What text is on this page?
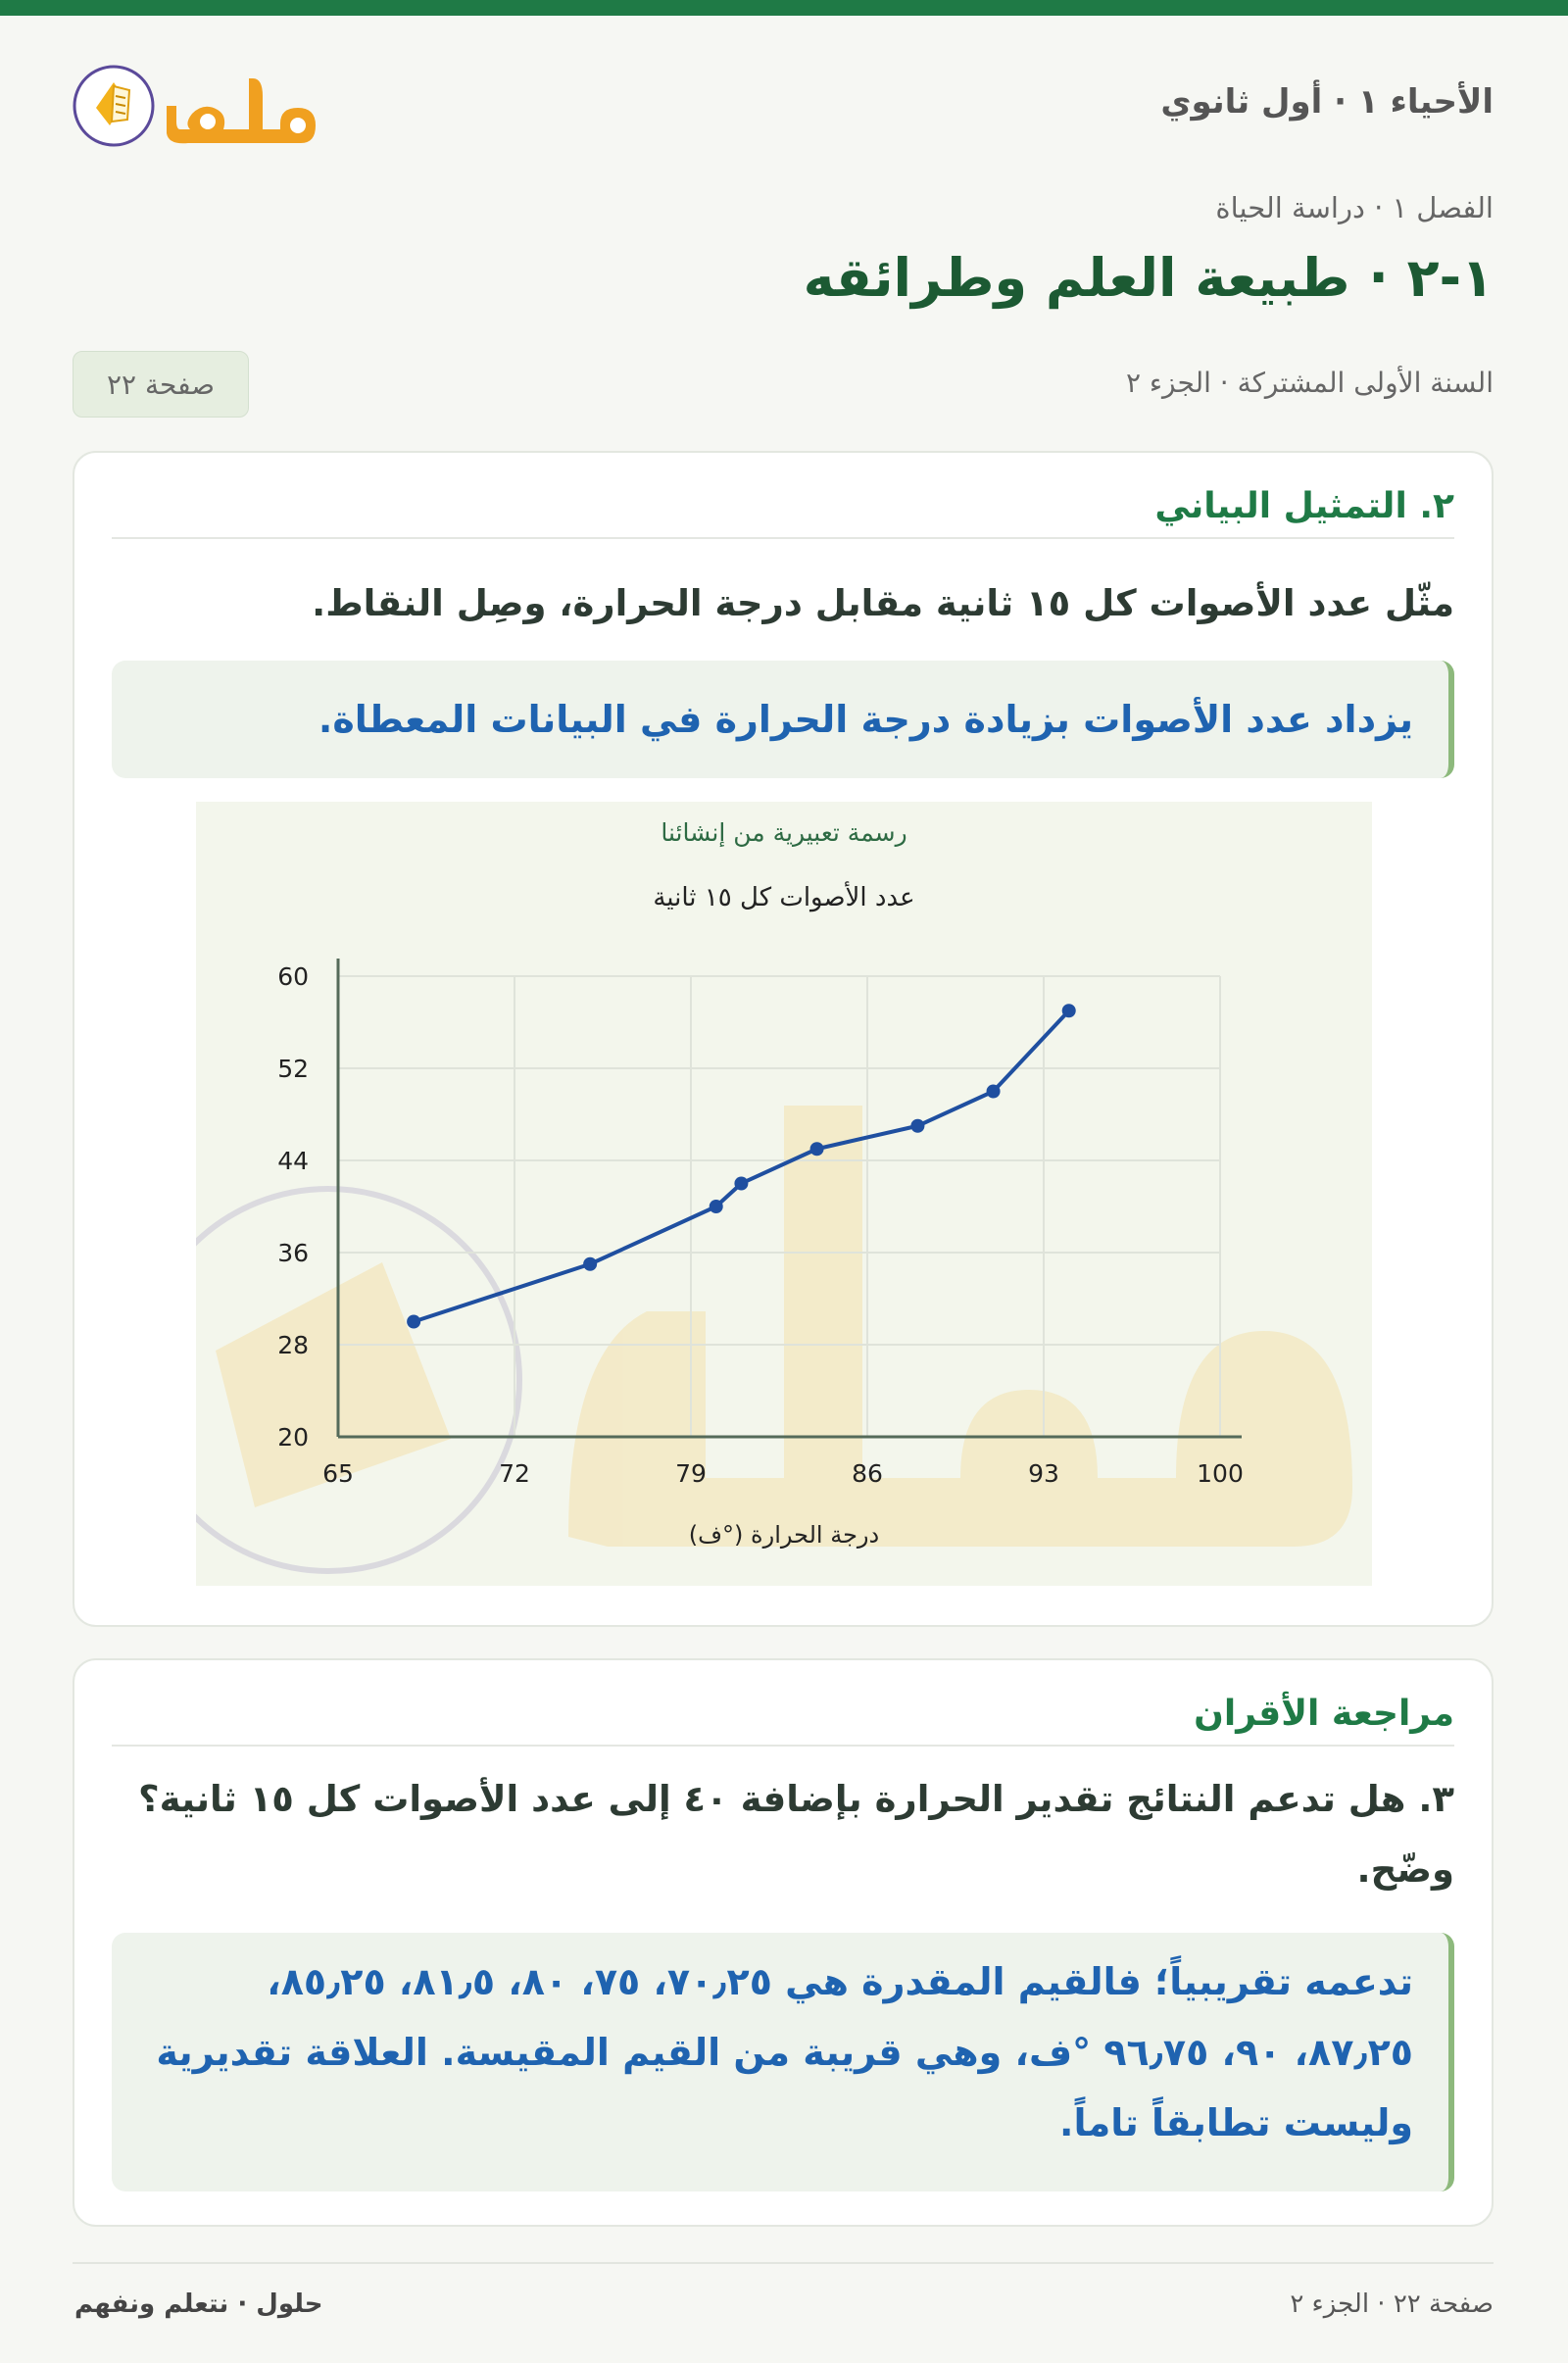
الأحياء ١ · أول ثانوي
الفصل ١ · دراسة الحياة
١-٢ · طبيعة العلم وطرائقه
السنة الأولى المشتركة · الجزء ٢
صفحة ٢٢
٢. التمثيل البياني
مثّل عدد الأصوات كل ١٥ ثانية مقابل درجة الحرارة، وصِل النقاط.
يزداد عدد الأصوات بزيادة درجة الحرارة في البيانات المعطاة.
رسمة تعبيرية من إنشائنا
عدد الأصوات كل ١٥ ثانية
65	72	79	86	93	100
20
28
36
44
52
60
درجة الحرارة (°ف)
مراجعة الأقران
٣. هل تدعم النتائج تقدير الحرارة بإضافة ٤٠ إلى عدد الأصوات كل ١٥ ثانية؟ وضّح.
تدعمه تقريبياً؛ فالقيم المقدرة هي ٧٠٫٢٥، ٧٥، ٨٠، ٨١٫٥، ٨٥٫٢٥، ٨٧٫٢٥، ٩٠، ٩٦٫٧٥ °ف، وهي قريبة من القيم المقيسة. العلاقة تقديرية وليست تطابقاً تاماً.
صفحة ٢٢ · الجزء ٢
حلول · نتعلم ونفهم
